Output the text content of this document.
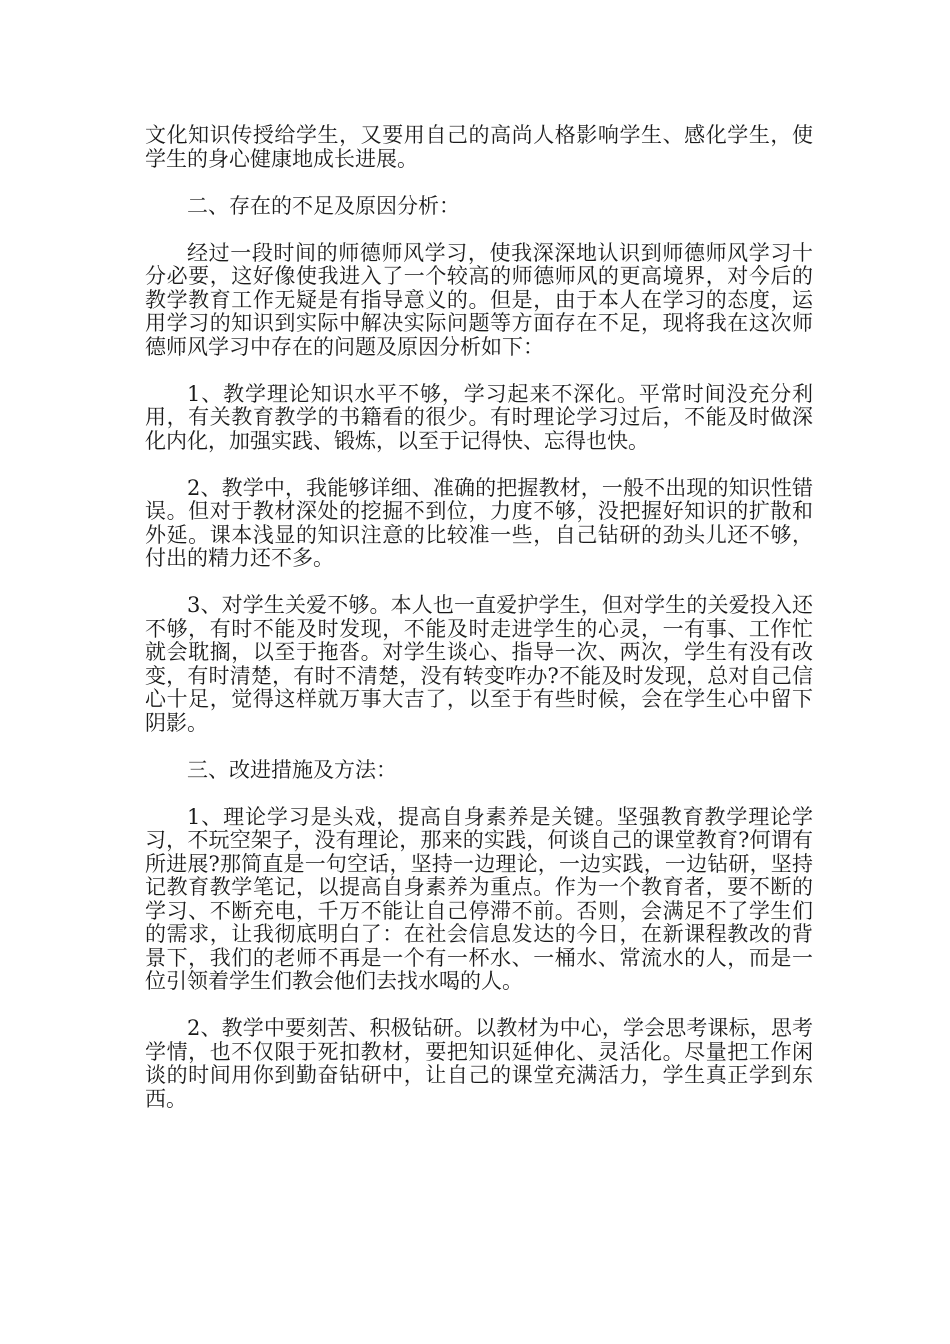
文化知识传授给学生，又要用自己的高尚人格影响学生、感化学生，使学生的身心健康地成长进展。

二、存在的不足及原因分析：

经过一段时间的师德师风学习，使我深深地认识到师德师风学习十分必要，这好像使我进入了一个较高的师德师风的更高境界，对今后的教学教育工作无疑是有指导意义的。但是，由于本人在学习的态度，运用学习的知识到实际中解决实际问题等方面存在不足，现将我在这次师德师风学习中存在的问题及原因分析如下：

1、教学理论知识水平不够，学习起来不深化。平常时间没充分利用，有关教育教学的书籍看的很少。有时理论学习过后，不能及时做深化内化，加强实践、锻炼，以至于记得快、忘得也快。

2、教学中，我能够详细、准确的把握教材，一般不出现的知识性错误。但对于教材深处的挖掘不到位，力度不够，没把握好知识的扩散和外延。课本浅显的知识注意的比较准一些，自己钻研的劲头儿还不够，付出的精力还不多。

3、对学生关爱不够。本人也一直爱护学生，但对学生的关爱投入还不够，有时不能及时发现，不能及时走进学生的心灵，一有事、工作忙就会耽搁，以至于拖沓。对学生谈心、指导一次、两次，学生有没有改变，有时清楚，有时不清楚，没有转变咋办?不能及时发现，总对自己信心十足，觉得这样就万事大吉了，以至于有些时候，会在学生心中留下阴影。

三、改进措施及方法：

1、理论学习是头戏，提高自身素养是关键。坚强教育教学理论学习，不玩空架子，没有理论，那来的实践，何谈自己的课堂教育?何谓有所进展?那简直是一句空话，坚持一边理论，一边实践，一边钻研，坚持记教育教学笔记，以提高自身素养为重点。作为一个教育者，要不断的学习、不断充电，千万不能让自己停滞不前。否则，会满足不了学生们的需求，让我彻底明白了：在社会信息发达的今日，在新课程教改的背景下，我们的老师不再是一个有一杯水、一桶水、常流水的人，而是一位引领着学生们教会他们去找水喝的人。

2、教学中要刻苦、积极钻研。以教材为中心，学会思考课标，思考学情，也不仅限于死扣教材，要把知识延伸化、灵活化。尽量把工作闲谈的时间用你到勤奋钻研中，让自己的课堂充满活力，学生真正学到东西。
